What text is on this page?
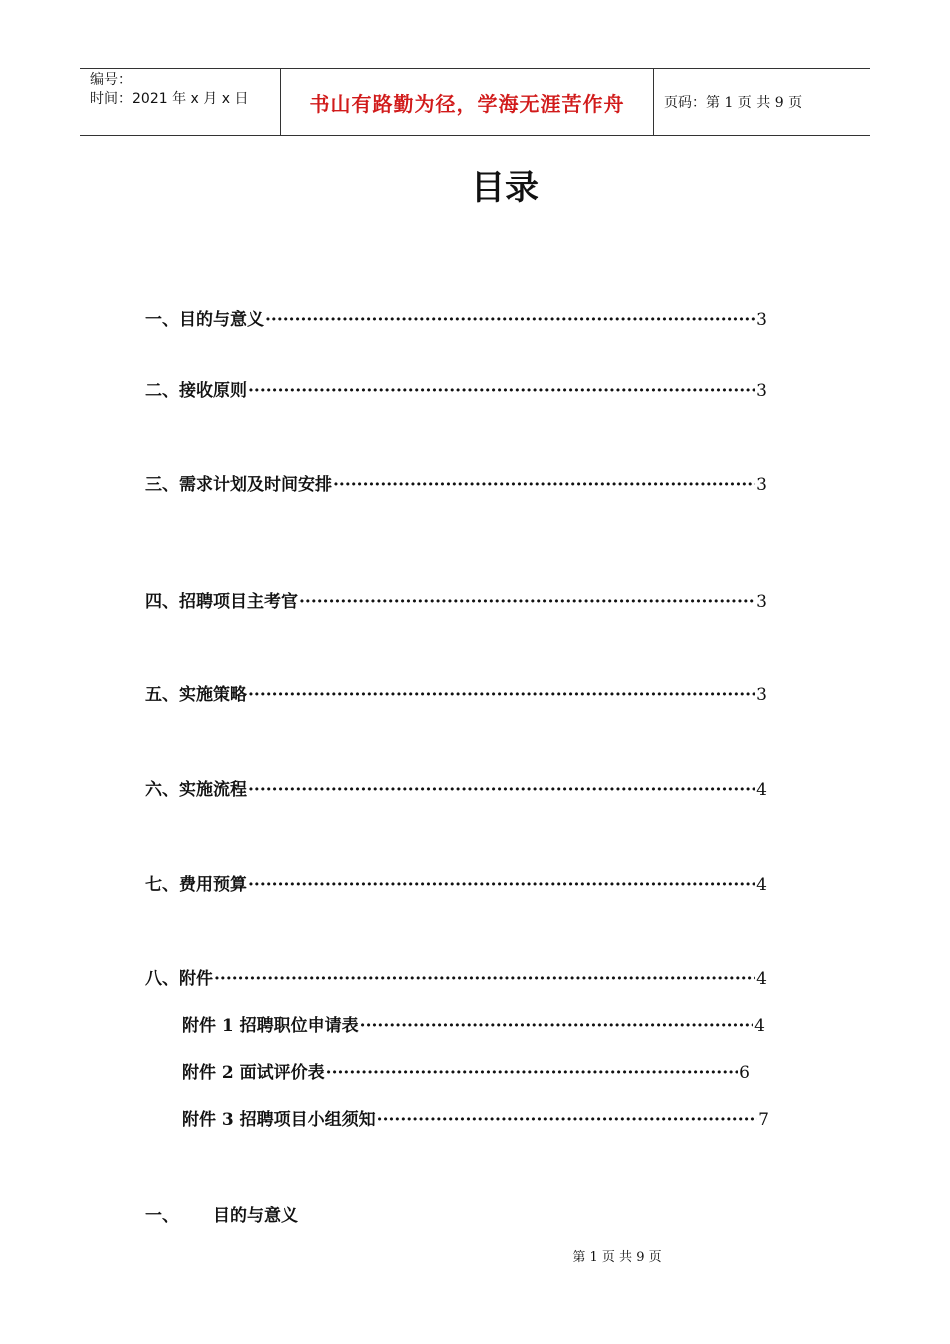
编号：
时间：2021 年 x 月 x 日	书山有路勤为径，学海无涯苦作舟	页码：第 1 页 共 9 页
目录
一、目的与意义 ·····	3
二、接收原则 ·····	3
三、需求计划及时间安排 ·····	3
四、招聘项目主考官 ·····	3
五、实施策略 ·····	3
六、实施流程 ·····	4
七、费用预算 ·····	4
八、附件 ·····	4
附件 1 招聘职位申请表 ·····	4
附件 2 面试评价表 ·····	6
附件 3 招聘项目小组须知 ·····	7
一、	目的与意义
第 1 页 共 9 页
